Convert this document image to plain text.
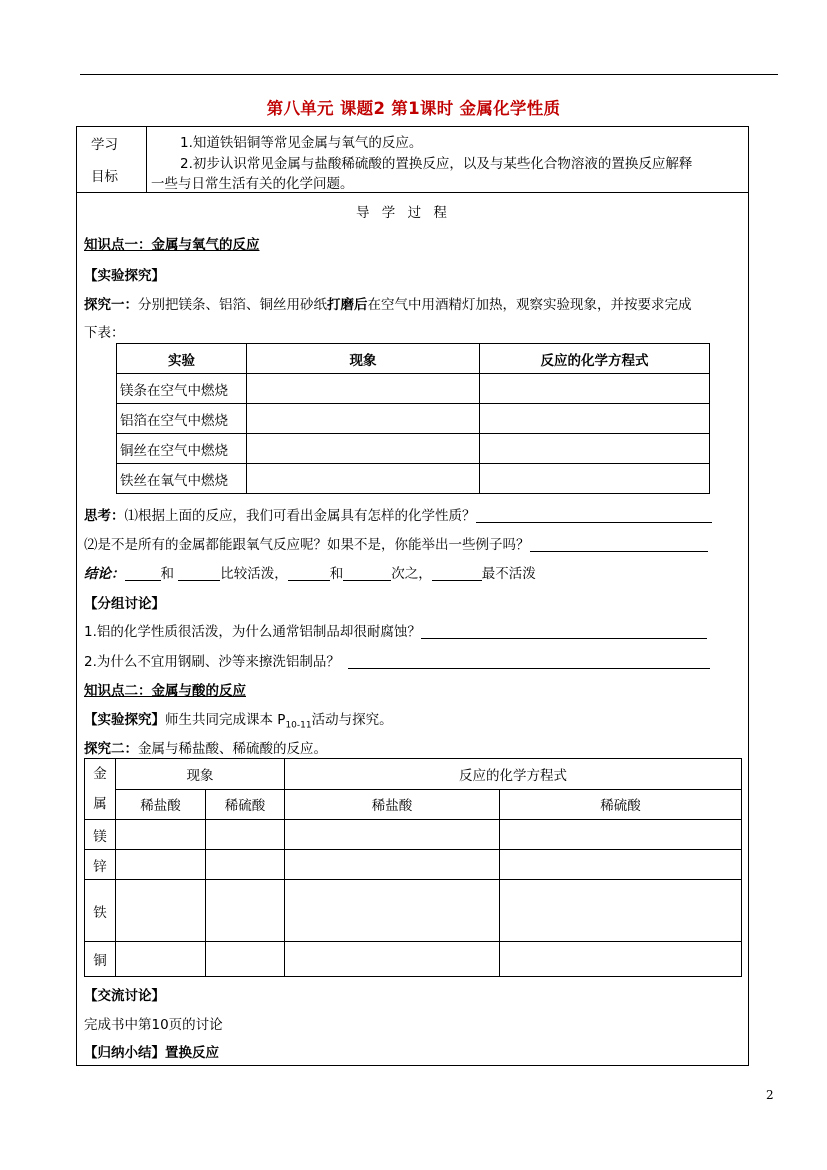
第八单元 课题2 第1课时 金属化学性质
学习
目标
1.知道铁铝铜等常见金属与氧气的反应。
2.初步认识常见金属与盐酸稀硫酸的置换反应，以及与某些化合物溶液的置换反应解释
一些与日常生活有关的化学问题。
导 学 过 程
知识点一：金属与氧气的反应
【实验探究】
探究一：分别把镁条、铝箔、铜丝用砂纸打磨后在空气中用酒精灯加热，观察实验现象，并按要求完成
下表：
实验	现象	反应的化学方程式
镁条在空气中燃烧		
铝箔在空气中燃烧		
铜丝在空气中燃烧		
铁丝在氧气中燃烧		
思考：⑴根据上面的反应，我们可看出金属具有怎样的化学性质？
⑵是不是所有的金属都能跟氧气反应呢？如果不是，你能举出一些例子吗？
结论：	和	比较活泼，	和	次之，	最不活泼
【分组讨论】
1.铝的化学性质很活泼，为什么通常铝制品却很耐腐蚀？
2.为什么不宜用钢刷、沙等来擦洗铝制品？
知识点二：金属与酸的反应
【实验探究】师生共同完成课本 $P_{10-11}$活动与探究。
探究二：金属与稀盐酸、稀硫酸的反应。
金
属	现象		反应的化学方程式	
	稀盐酸	稀硫酸	稀盐酸	稀硫酸
镁				
锌				
铁				
铜				
【交流讨论】
完成书中第10页的讨论
【归纳小结】置换反应
2
